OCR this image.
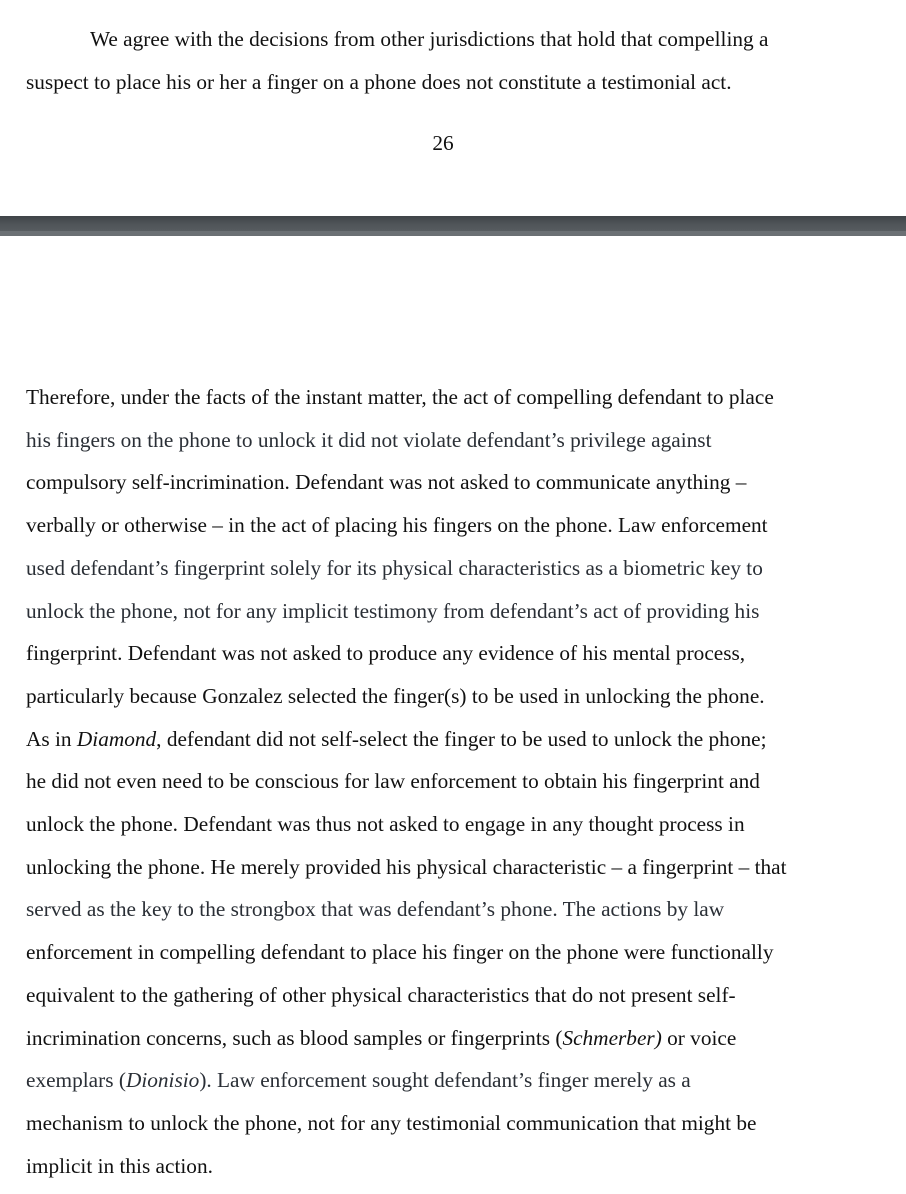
We agree with the decisions from other jurisdictions that hold that compelling a
suspect to place his or her a finger on a phone does not constitute a testimonial act.

26

Therefore, under the facts of the instant matter, the act of compelling defendant to place
his fingers on the phone to unlock it did not violate defendant’s privilege against
compulsory self-incrimination. Defendant was not asked to communicate anything –
verbally or otherwise – in the act of placing his fingers on the phone. Law enforcement
used defendant’s fingerprint solely for its physical characteristics as a biometric key to
unlock the phone, not for any implicit testimony from defendant’s act of providing his
fingerprint. Defendant was not asked to produce any evidence of his mental process,
particularly because Gonzalez selected the finger(s) to be used in unlocking the phone.
As in Diamond, defendant did not self-select the finger to be used to unlock the phone;
he did not even need to be conscious for law enforcement to obtain his fingerprint and
unlock the phone. Defendant was thus not asked to engage in any thought process in
unlocking the phone. He merely provided his physical characteristic – a fingerprint – that
served as the key to the strongbox that was defendant’s phone. The actions by law
enforcement in compelling defendant to place his finger on the phone were functionally
equivalent to the gathering of other physical characteristics that do not present self-
incrimination concerns, such as blood samples or fingerprints (Schmerber) or voice
exemplars (Dionisio). Law enforcement sought defendant’s finger merely as a
mechanism to unlock the phone, not for any testimonial communication that might be
implicit in this action.
